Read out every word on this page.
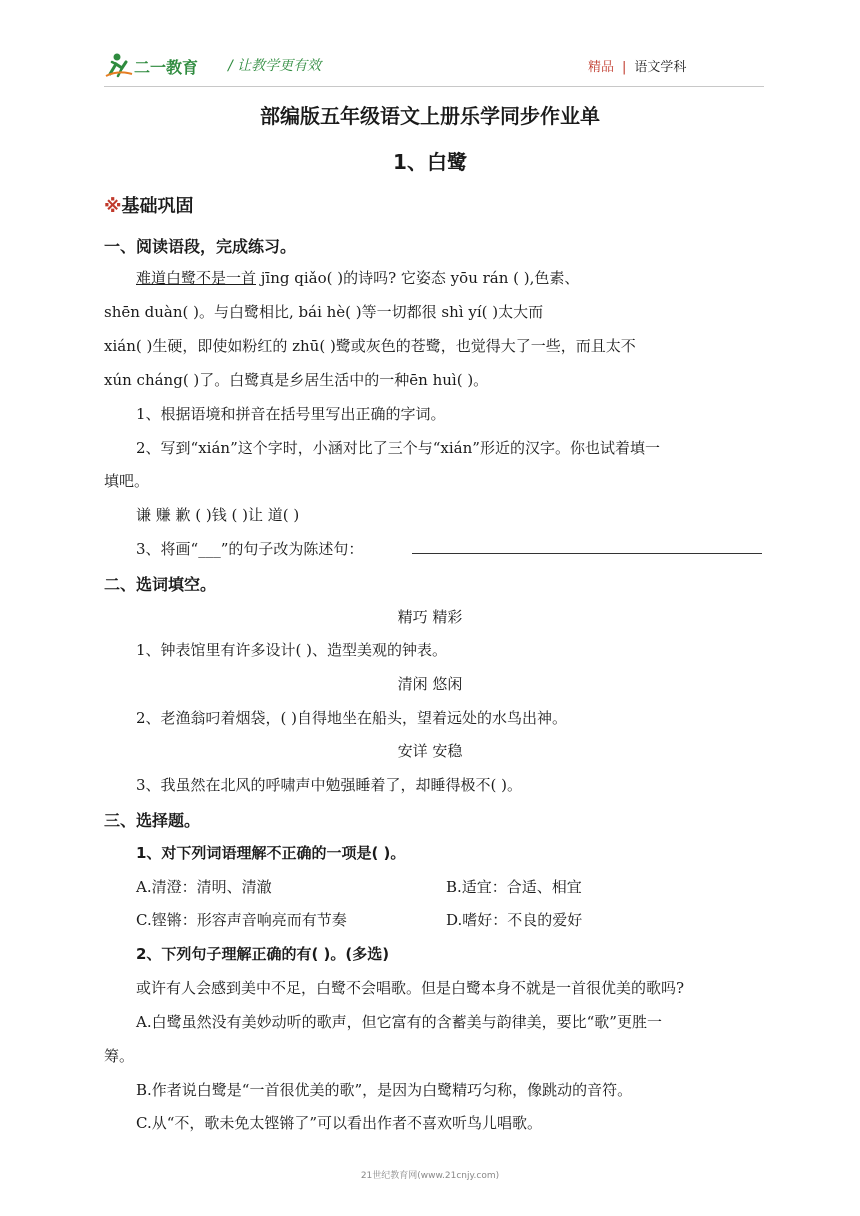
二一教育 / 让教学更有效	精品 | 语文学科
部编版五年级语文上册乐学同步作业单
1、白鹭
※基础巩固
一、阅读语段，完成练习。
难道白鹭不是一首 jīng qiǎo( )的诗吗? 它姿态 yōu rán ( ),色素、
shēn duàn( )。与白鹭相比, bái hè( )等一切都很 shì yí( )太大而
xián( )生硬，即使如粉红的 zhū( )鹭或灰色的苍鹭，也觉得大了一些，而且太不
xún cháng( )了。白鹭真是乡居生活中的一种ēn huì( )。
1、根据语境和拼音在括号里写出正确的字词。
2、写到“xián”这个字时，小涵对比了三个与“xián”形近的汉字。你也试着填一
填吧。
谦 赚 歉 ( )钱 ( )让 道( )
3、将画“___”的句子改为陈述句：
二、选词填空。
精巧 精彩
1、钟表馆里有许多设计( )、造型美观的钟表。
清闲 悠闲
2、老渔翁叼着烟袋，( )自得地坐在船头，望着远处的水鸟出神。
安详 安稳
3、我虽然在北风的呼啸声中勉强睡着了，却睡得极不( )。
三、选择题。
1、对下列词语理解不正确的一项是( )。
A.清澄：清明、清澈	B.适宜：合适、相宜
C.铿锵：形容声音响亮而有节奏	D.嗜好：不良的爱好
2、下列句子理解正确的有( )。(多选)
或许有人会感到美中不足，白鹭不会唱歌。但是白鹭本身不就是一首很优美的歌吗?
A.白鹭虽然没有美妙动听的歌声，但它富有的含蓄美与韵律美，要比“歌”更胜一
筹。
B.作者说白鹭是“一首很优美的歌”，是因为白鹭精巧匀称，像跳动的音符。
C.从“不，歌未免太铿锵了”可以看出作者不喜欢听鸟儿唱歌。
21世纪教育网(www.21cnjy.com)
